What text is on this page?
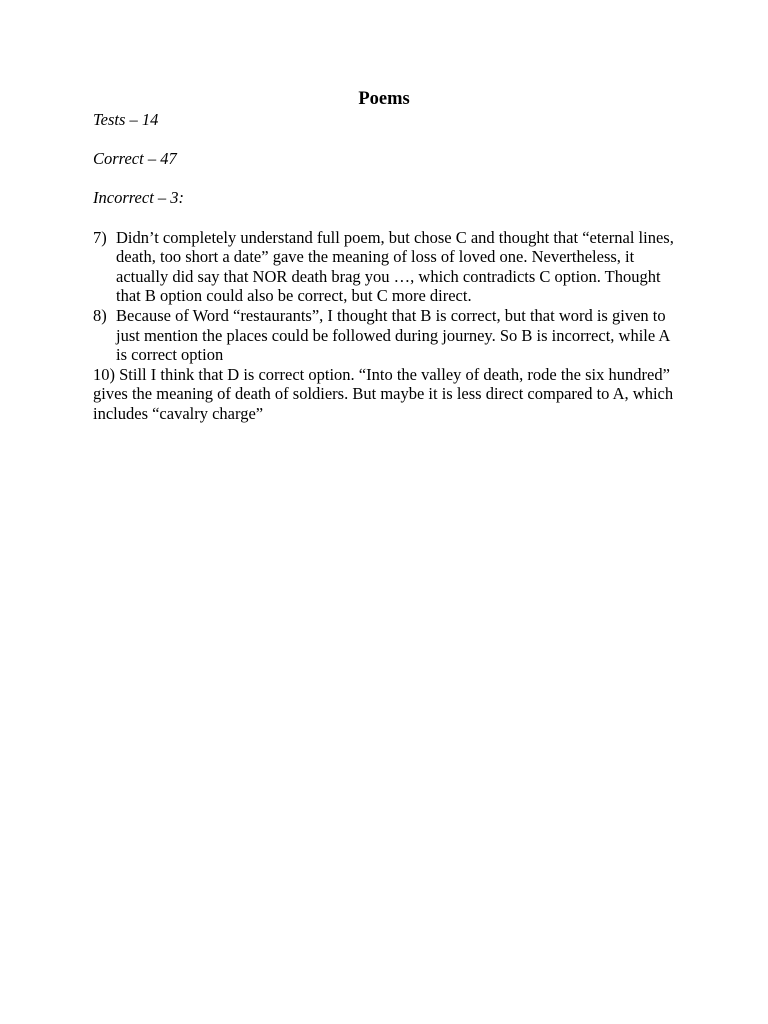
Poems

Tests – 14

Correct – 47

Incorrect – 3:

7) Didn’t completely understand full poem, but chose C and thought that “eternal lines, death, too short a date” gave the meaning of loss of loved one. Nevertheless, it actually did say that NOR death brag you …, which contradicts C option. Thought that B option could also be correct, but C more direct.
8) Because of Word “restaurants”, I thought that B is correct, but that word is given to just mention the places could be followed during journey. So B is incorrect, while A is correct option

10) Still I think that D is correct option. “Into the valley of death, rode the six hundred” gives the meaning of death of soldiers. But maybe it is less direct compared to A, which includes “cavalry charge”
